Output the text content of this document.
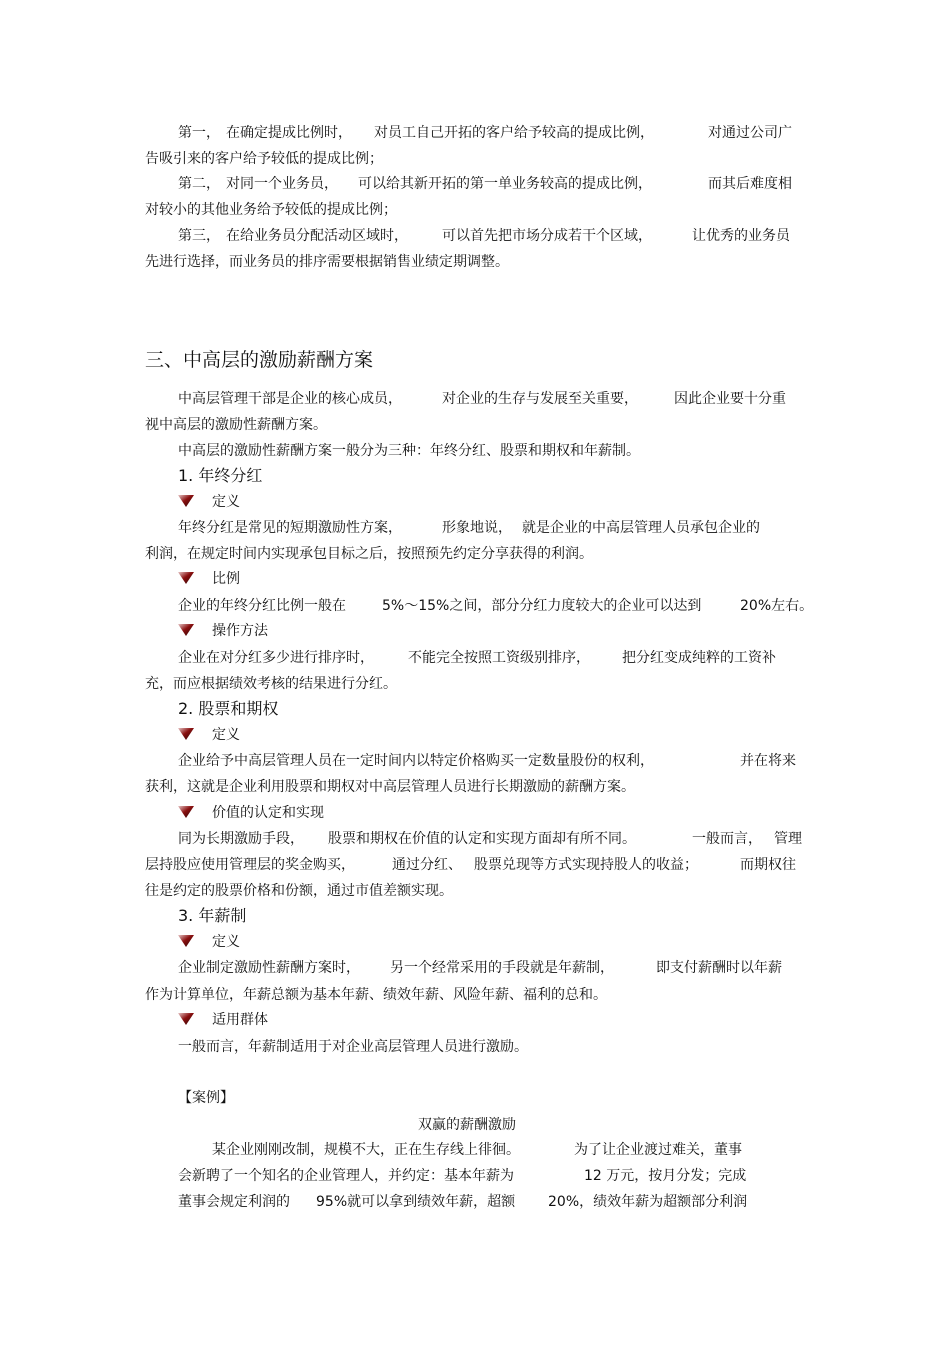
第一， 在确定提成比例时， 对员工自己开拓的客户给予较高的提成比例，	对通过公司广
告吸引来的客户给予较低的提成比例；
第二， 对同一个业务员， 可以给其新开拓的第一单业务较高的提成比例，	而其后难度相
对较小的其他业务给予较低的提成比例；
第三， 在给业务员分配活动区域时， 可以首先把市场分成若干个区域，	让优秀的业务员
先进行选择，而业务员的排序需要根据销售业绩定期调整。
三、中高层的激励薪酬方案
中高层管理干部是企业的核心成员，	对企业的生存与发展至关重要，	因此企业要十分重
视中高层的激励性薪酬方案。
中高层的激励性薪酬方案一般分为三种：年终分红、股票和期权和年薪制。
1. 年终分红
定义
年终分红是常见的短期激励性方案，	形象地说， 就是企业的中高层管理人员承包企业的
利润，在规定时间内实现承包目标之后，按照预先约定分享获得的利润。
比例
企业的年终分红比例一般在	5%～15%之间，部分分红力度较大的企业可以达到	20%左右。
操作方法
企业在对分红多少进行排序时， 不能完全按照工资级别排序， 把分红变成纯粹的工资补
充，而应根据绩效考核的结果进行分红。
2. 股票和期权
定义
企业给予中高层管理人员在一定时间内以特定价格购买一定数量股份的权利，	并在将来
获利，这就是企业利用股票和期权对中高层管理人员进行长期激励的薪酬方案。
价值的认定和实现
同为长期激励手段， 股票和期权在价值的认定和实现方面却有所不同。	一般而言， 管理
层持股应使用管理层的奖金购买，	通过分红、 股票兑现等方式实现持股人的收益；	而期权往
往是约定的股票价格和份额，通过市值差额实现。
3. 年薪制
定义
企业制定激励性薪酬方案时， 另一个经常采用的手段就是年薪制，	即支付薪酬时以年薪
作为计算单位，年薪总额为基本年薪、绩效年薪、风险年薪、福利的总和。
适用群体
一般而言，年薪制适用于对企业高层管理人员进行激励。
【案例】
双赢的薪酬激励
某企业刚刚改制，规模不大，正在生存线上徘徊。	为了让企业渡过难关，董事
会新聘了一个知名的企业管理人，并约定：基本年薪为	12 万元，按月分发；完成
董事会规定利润的 95%就可以拿到绩效年薪，超额 20%，绩效年薪为超额部分利润
